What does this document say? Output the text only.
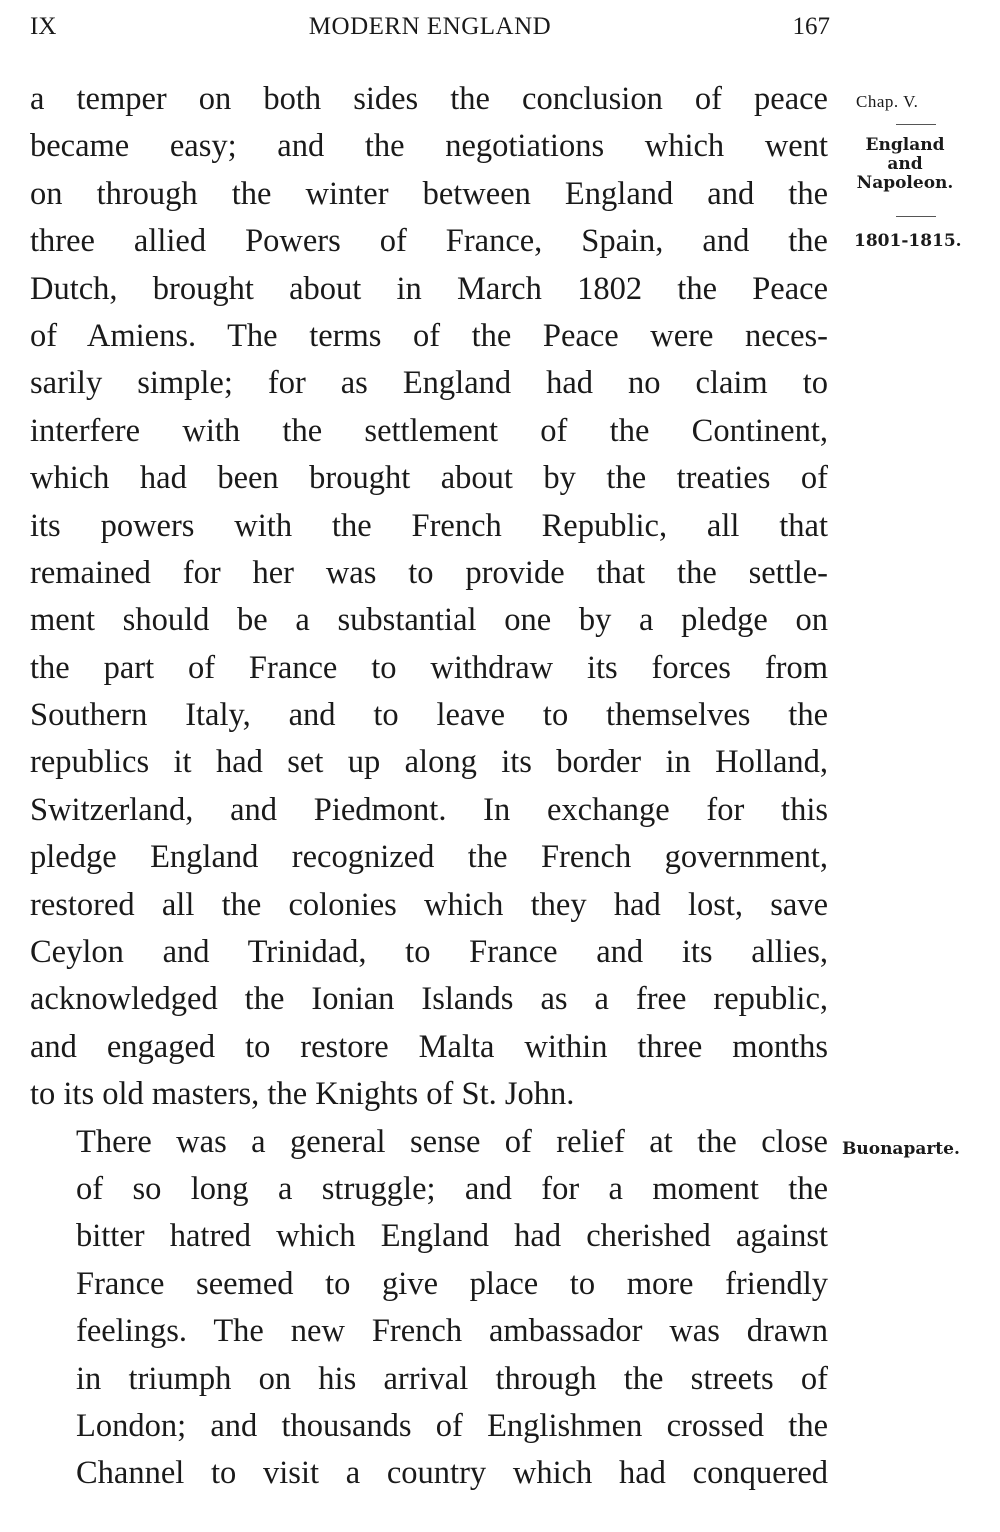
IX	MODERN ENGLAND	167

a temper on both sides the conclusion of peace
became easy; and the negotiations which went
on through the winter between England and the
three allied Powers of France, Spain, and the
Dutch, brought about in March 1802 the Peace
of Amiens. The terms of the Peace were neces-
sarily simple; for as England had no claim to
interfere with the settlement of the Continent,
which had been brought about by the treaties of
its powers with the French Republic, all that
remained for her was to provide that the settle-
ment should be a substantial one by a pledge on
the part of France to withdraw its forces from
Southern Italy, and to leave to themselves the
republics it had set up along its border in Holland,
Switzerland, and Piedmont. In exchange for this
pledge England recognized the French government,
restored all the colonies which they had lost, save
Ceylon and Trinidad, to France and its allies,
acknowledged the Ionian Islands as a free republic,
and engaged to restore Malta within three months
to its old masters, the Knights of St. John.

There was a general sense of relief at the close
of so long a struggle; and for a moment the
bitter hatred which England had cherished against
France seemed to give place to more friendly
feelings. The new French ambassador was drawn
in triumph on his arrival through the streets of
London; and thousands of Englishmen crossed the
Channel to visit a country which had conquered

Chap. V.
England
and
Napoleon.
1801-1815.
Buonaparte.
